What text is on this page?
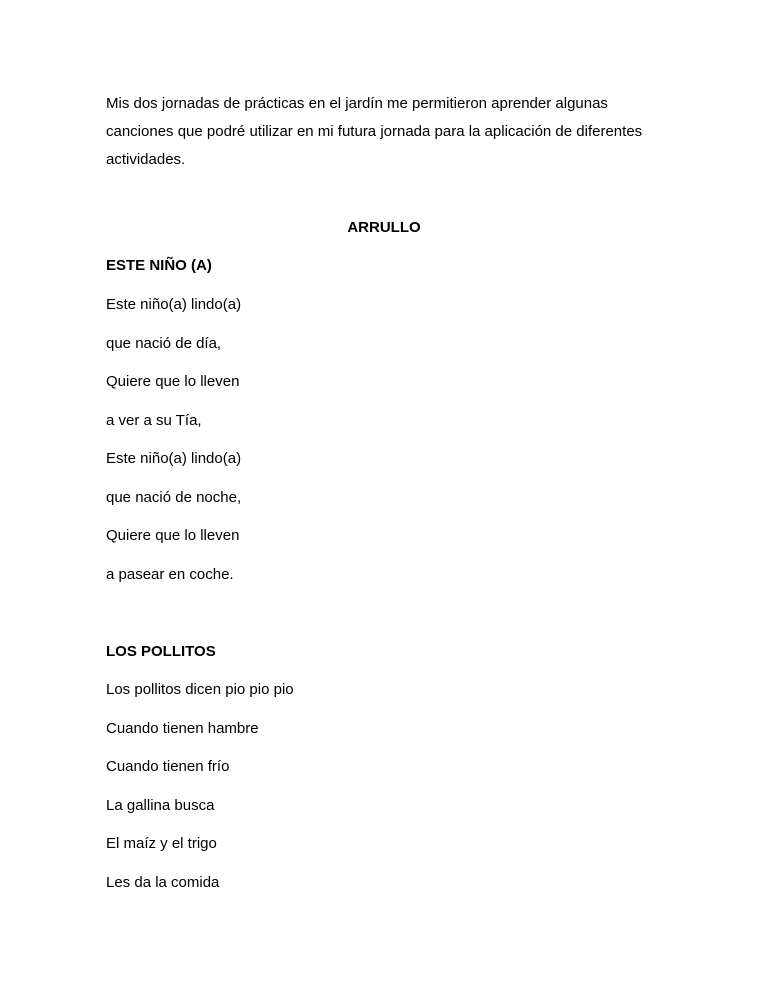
Mis dos jornadas de prácticas en el jardín me permitieron aprender algunas
canciones que podré utilizar en mi futura jornada para la aplicación de diferentes
actividades.

ARRULLO

ESTE NIÑO (A)

Este niño(a) lindo(a)

que nació de día,

Quiere que lo lleven

a ver a su Tía,

Este niño(a) lindo(a)

que nació de noche,

Quiere que lo lleven

a pasear en coche.

LOS POLLITOS

Los pollitos dicen pio pio pio

Cuando tienen hambre

Cuando tienen frío

La gallina busca

El maíz y el trigo

Les da la comida
